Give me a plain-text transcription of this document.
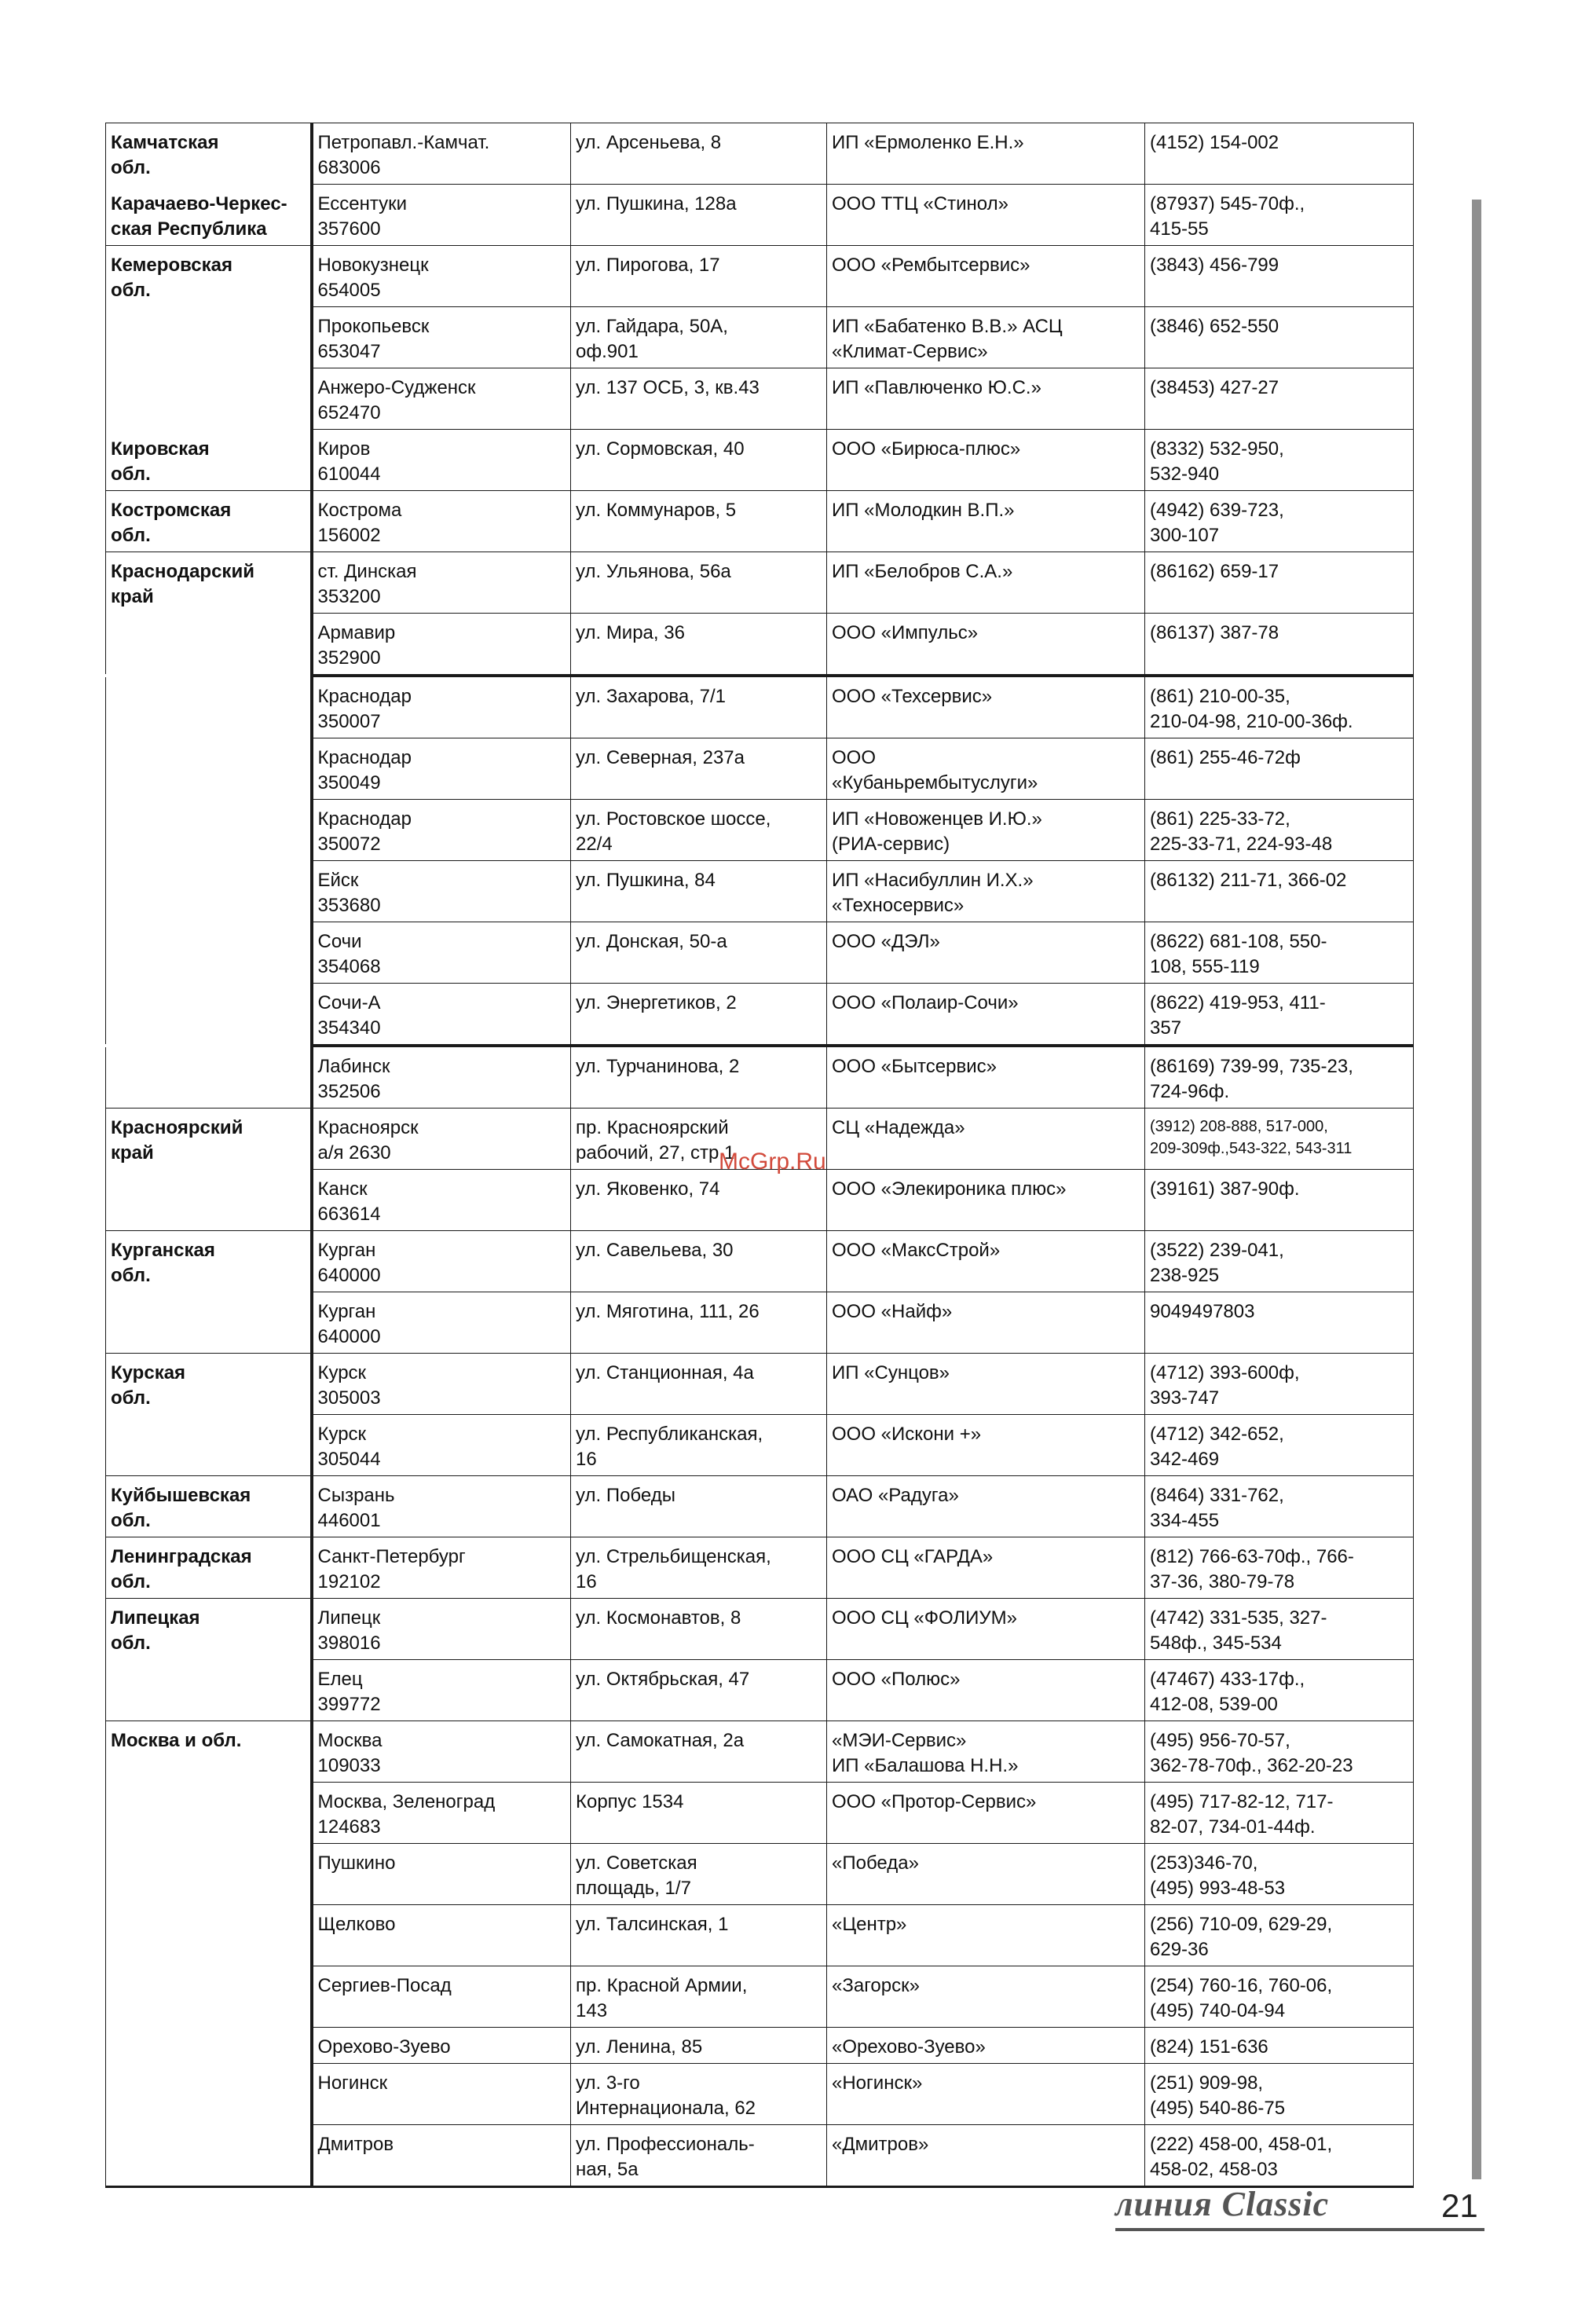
Камчатская
обл.	Петропавл.-Камчат.
683006	ул. Арсеньева, 8	ИП «Ермоленко Е.Н.»	(4152) 154-002
Карачаево-Черкес-
ская Республика	Ессентуки
357600	ул. Пушкина, 128а	ООО ТТЦ «Стинол»	(87937) 545-70ф.,
415-55
Кемеровская
обл.	Новокузнецк
654005	ул. Пирогова, 17	ООО «Рембытсервис»	(3843) 456-799
	Прокопьевск
653047	ул. Гайдара, 50А,
оф.901	ИП «Бабатенко В.В.» АСЦ
«Климат-Сервис»	(3846) 652-550
	Анжеро-Судженск
652470	ул. 137 ОСБ, 3, кв.43	ИП «Павлюченко Ю.С.»	(38453) 427-27
Кировская
обл.	Киров
610044	ул. Сормовская, 40	ООО «Бирюса-плюс»	(8332) 532-950,
532-940
Костромская
обл.	Кострома
156002	ул. Коммунаров, 5	ИП «Молодкин В.П.»	(4942) 639-723,
300-107
Краснодарский
край	ст. Динская
353200	ул. Ульянова, 56а	ИП «Белобров С.А.»	(86162) 659-17
	Армавир
352900	ул. Мира, 36	ООО «Импульс»	(86137) 387-78
	Краснодар
350007	ул. Захарова, 7/1	ООО «Техсервис»	(861) 210-00-35,
210-04-98, 210-00-36ф.
	Краснодар
350049	ул. Северная, 237а	ООО
«Кубаньрембытуслуги»	(861) 255-46-72ф
	Краснодар
350072	ул. Ростовское шоссе,
22/4	ИП «Новоженцев И.Ю.»
(РИА-сервис)	(861) 225-33-72,
225-33-71, 224-93-48
	Ейск
353680	ул. Пушкина, 84	ИП «Насибуллин И.Х.»
«Техносервис»	(86132) 211-71, 366-02
	Сочи
354068	ул. Донская, 50-а	ООО «ДЭЛ»	(8622) 681-108, 550-
108, 555-119
	Сочи-А
354340	ул. Энергетиков, 2	ООО «Полаир-Сочи»	(8622) 419-953, 411-
357
	Лабинск
352506	ул. Турчанинова, 2	ООО «Бытсервис»	(86169) 739-99, 735-23,
724-96ф.
Красноярский
край	Красноярск
а/я 2630	пр. Красноярский
рабочий, 27, стр.1	СЦ «Надежда»	(3912) 208-888, 517-000,
209-309ф.,543-322, 543-311
	Канск
663614	ул. Яковенко, 74	ООО «Элекироника плюс»	(39161) 387-90ф.
Курганская
обл.	Курган
640000	ул. Савельева, 30	ООО «МаксСтрой»	(3522) 239-041,
238-925
	Курган
640000	ул. Мяготина, 111, 26	ООО «Найф»	9049497803
Курская
обл.	Курск
305003	ул. Станционная, 4а	ИП «Сунцов»	(4712) 393-600ф,
393-747
	Курск
305044	ул. Республиканская,
16	ООО «Искони +»	(4712) 342-652,
342-469
Куйбышевская
обл.	Сызрань
446001	ул. Победы	ОАО «Радуга»	(8464) 331-762,
334-455
Ленинградская
обл.	Санкт-Петербург
192102	ул. Стрельбищенская,
16	ООО СЦ «ГАРДА»	(812) 766-63-70ф., 766-
37-36, 380-79-78
Липецкая
обл.	Липецк
398016	ул. Космонавтов, 8	ООО СЦ «ФОЛИУМ»	(4742) 331-535, 327-
548ф., 345-534
	Елец
399772	ул. Октябрьская, 47	ООО «Полюс»	(47467) 433-17ф.,
412-08, 539-00
Москва и обл.	Москва
109033	ул. Самокатная, 2а	«МЭИ-Сервис»
ИП «Балашова Н.Н.»	(495) 956-70-57,
362-78-70ф., 362-20-23
	Москва, Зеленоград
124683	Корпус 1534	ООО «Протор-Сервис»	(495) 717-82-12, 717-
82-07, 734-01-44ф.
	Пушкино	ул. Советская
площадь, 1/7	«Победа»	(253)346-70,
(495) 993-48-53
	Щелково	ул. Талсинская, 1	«Центр»	(256) 710-09, 629-29,
629-36
	Сергиев-Посад	пр. Красной Армии,
143	«Загорск»	(254) 760-16, 760-06,
(495) 740-04-94
	Орехово-Зуево	ул. Ленина, 85	«Орехово-Зуево»	(824) 151-636
	Ногинск	ул. 3-го
Интернационала, 62	«Ногинск»	(251) 909-98,
(495) 540-86-75
	Дмитров	ул. Профессиональ-
ная, 5а	«Дмитров»	(222) 458-00, 458-01,
458-02, 458-03
McGrp.Ru
линия Classic	21
